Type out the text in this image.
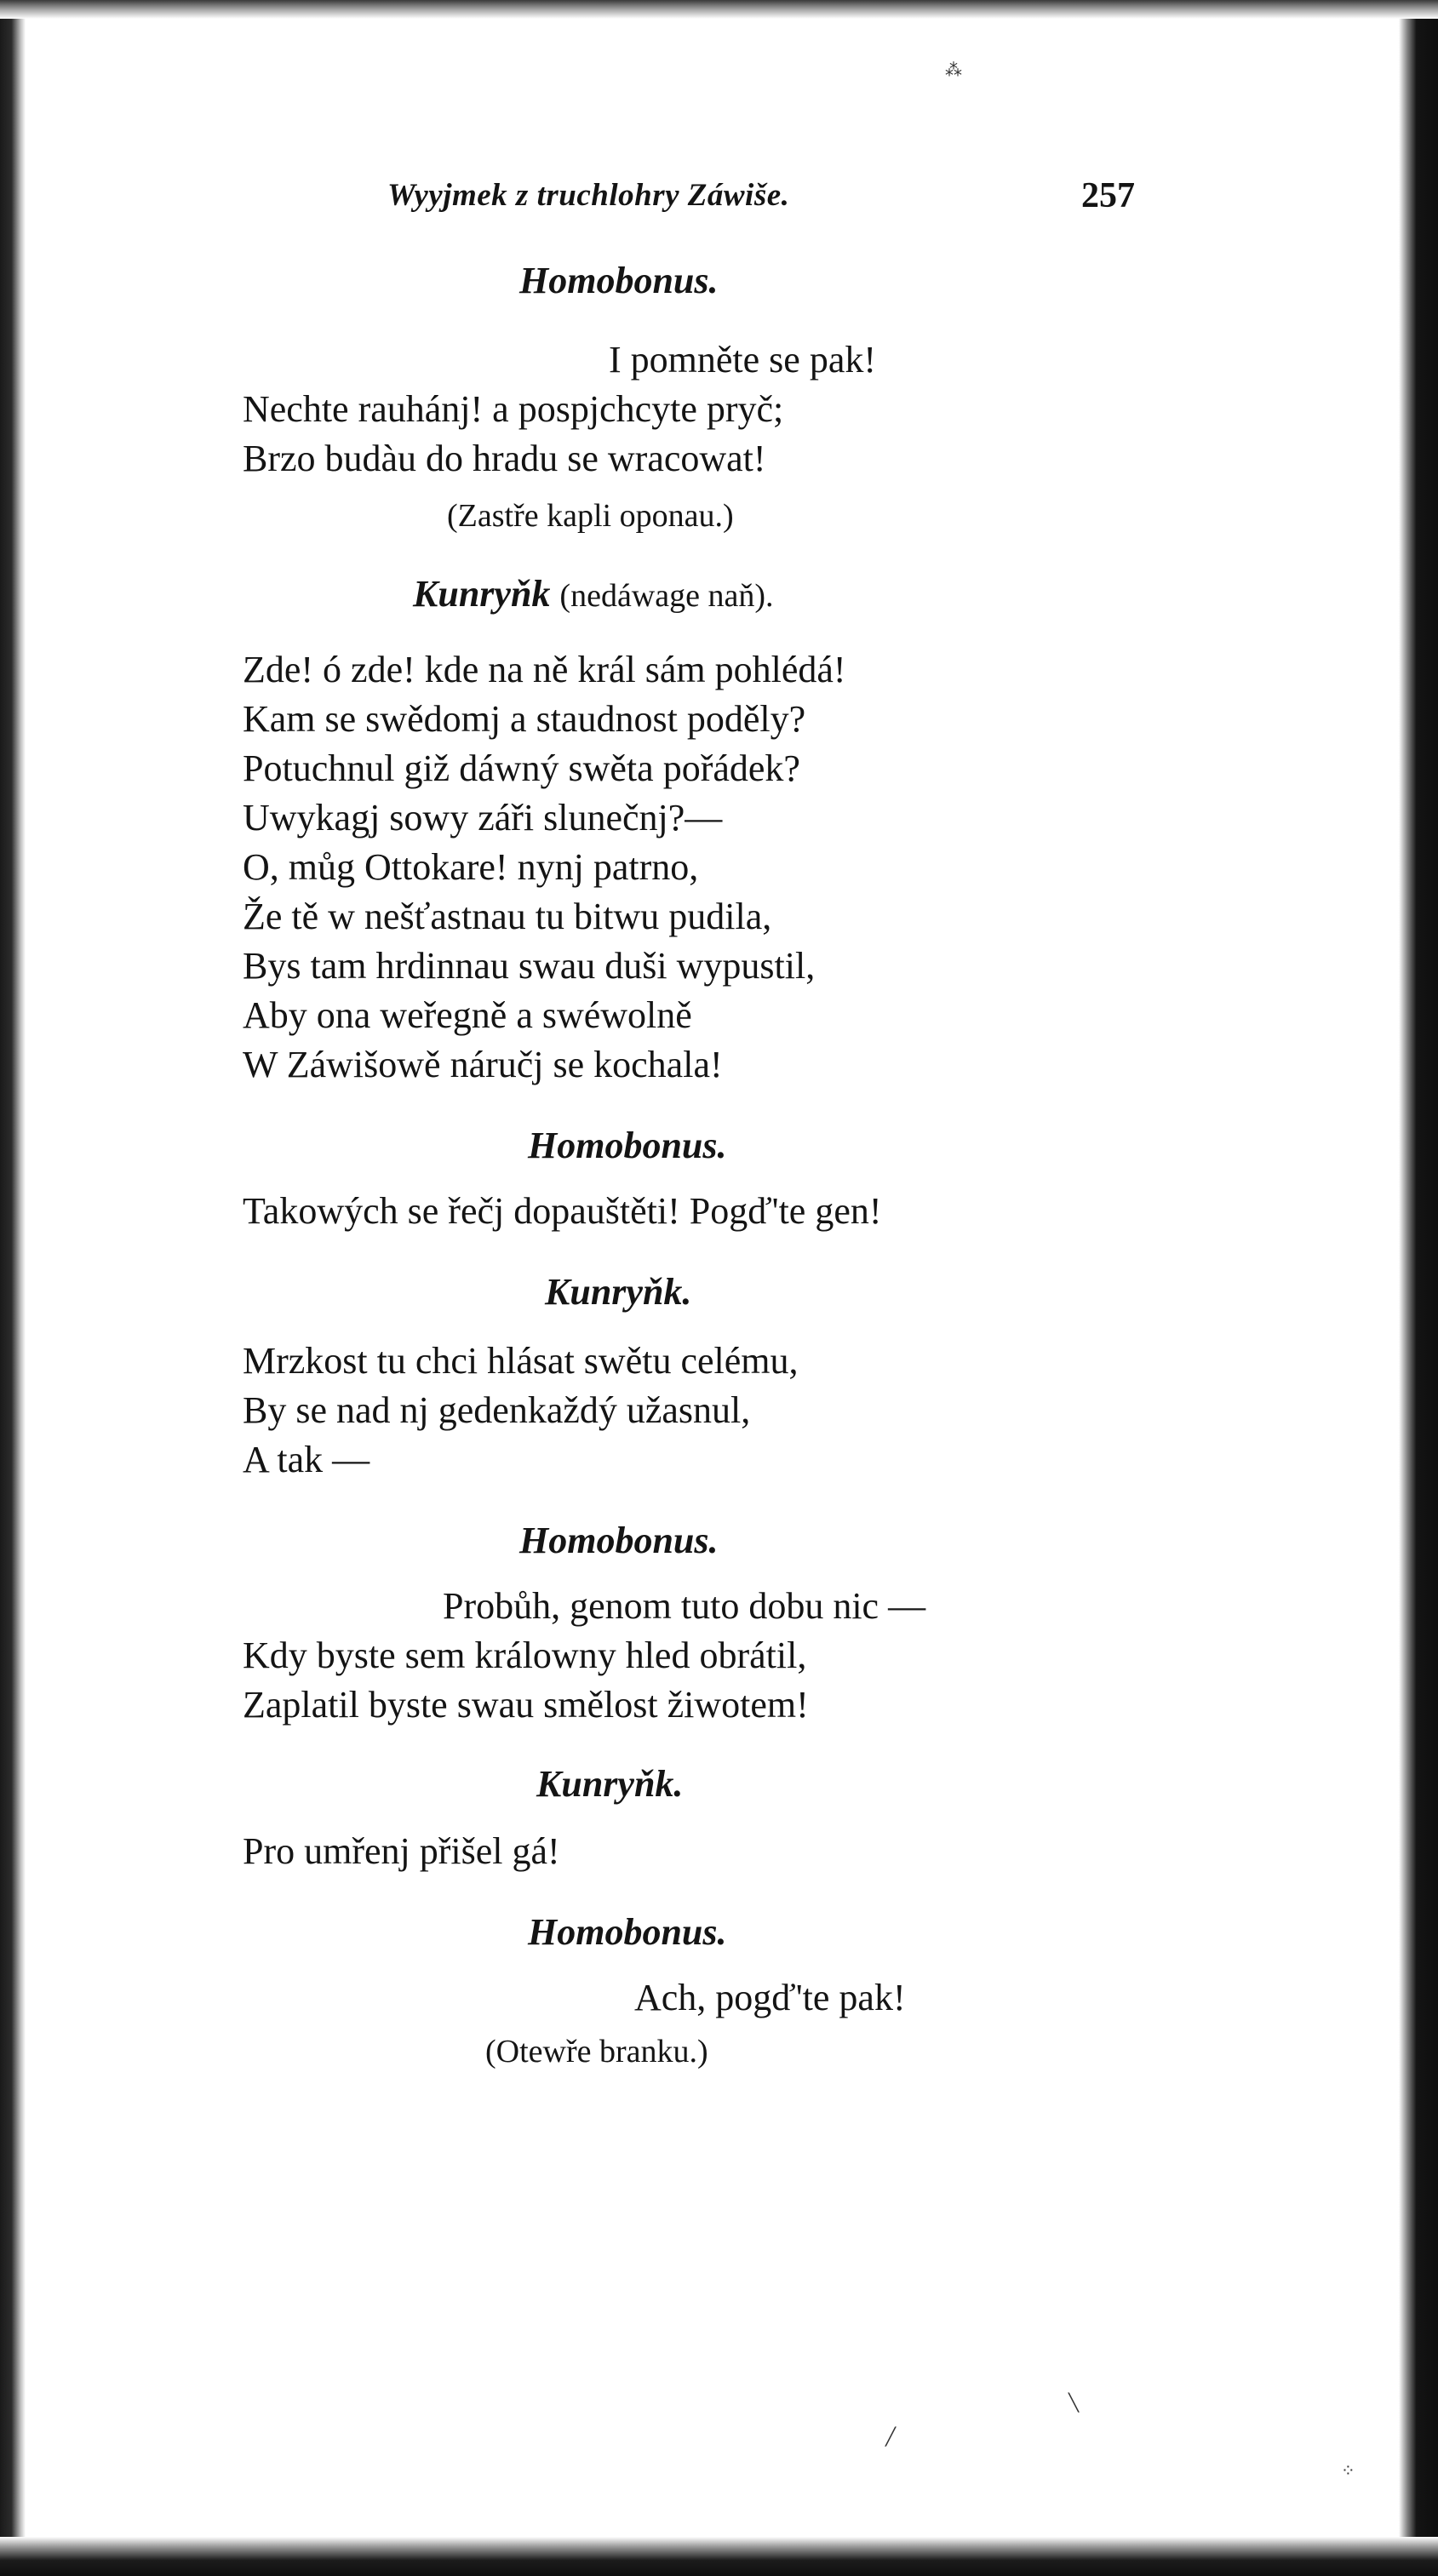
Wyyjmek z truchlohry Záwiše.	257
Homobonus.
I pomněte se pak!
Nechte rauhánj! a pospjchcyte pryč;
Brzo budàu do hradu se wracowat!
(Zastře kapli oponau.)
Kunryňk (nedáwage naň).
Zde! ó zde! kde na ně král sám pohlédá!
Kam se swědomj a staudnost poděly?
Potuchnul giž dáwný swěta pořádek?
Uwykagj sowy záři slunečnj?—
O, můg Ottokare! nynj patrno,
Že tě w nešťastnau tu bitwu pudila,
Bys tam hrdinnau swau duši wypustil,
Aby ona weřegně a swéwolně
W Záwišowě náručj se kochala!
Homobonus.
Takowých se řečj dopauštěti! Pogď'te gen!
Kunryňk.
Mrzkost tu chci hlásat swětu celému,
By se nad nj gedenkaždý užasnul,
A tak —
Homobonus.
Probůh, genom tuto dobu nic —
Kdy byste sem králowny hled obrátil,
Zaplatil byste swau smělost žiwotem!
Kunryňk.
Pro umřenj přišel gá!
Homobonus.
Ach, pogď'te pak!
(Otewře branku.)
⁂
╱
╲
⁘
